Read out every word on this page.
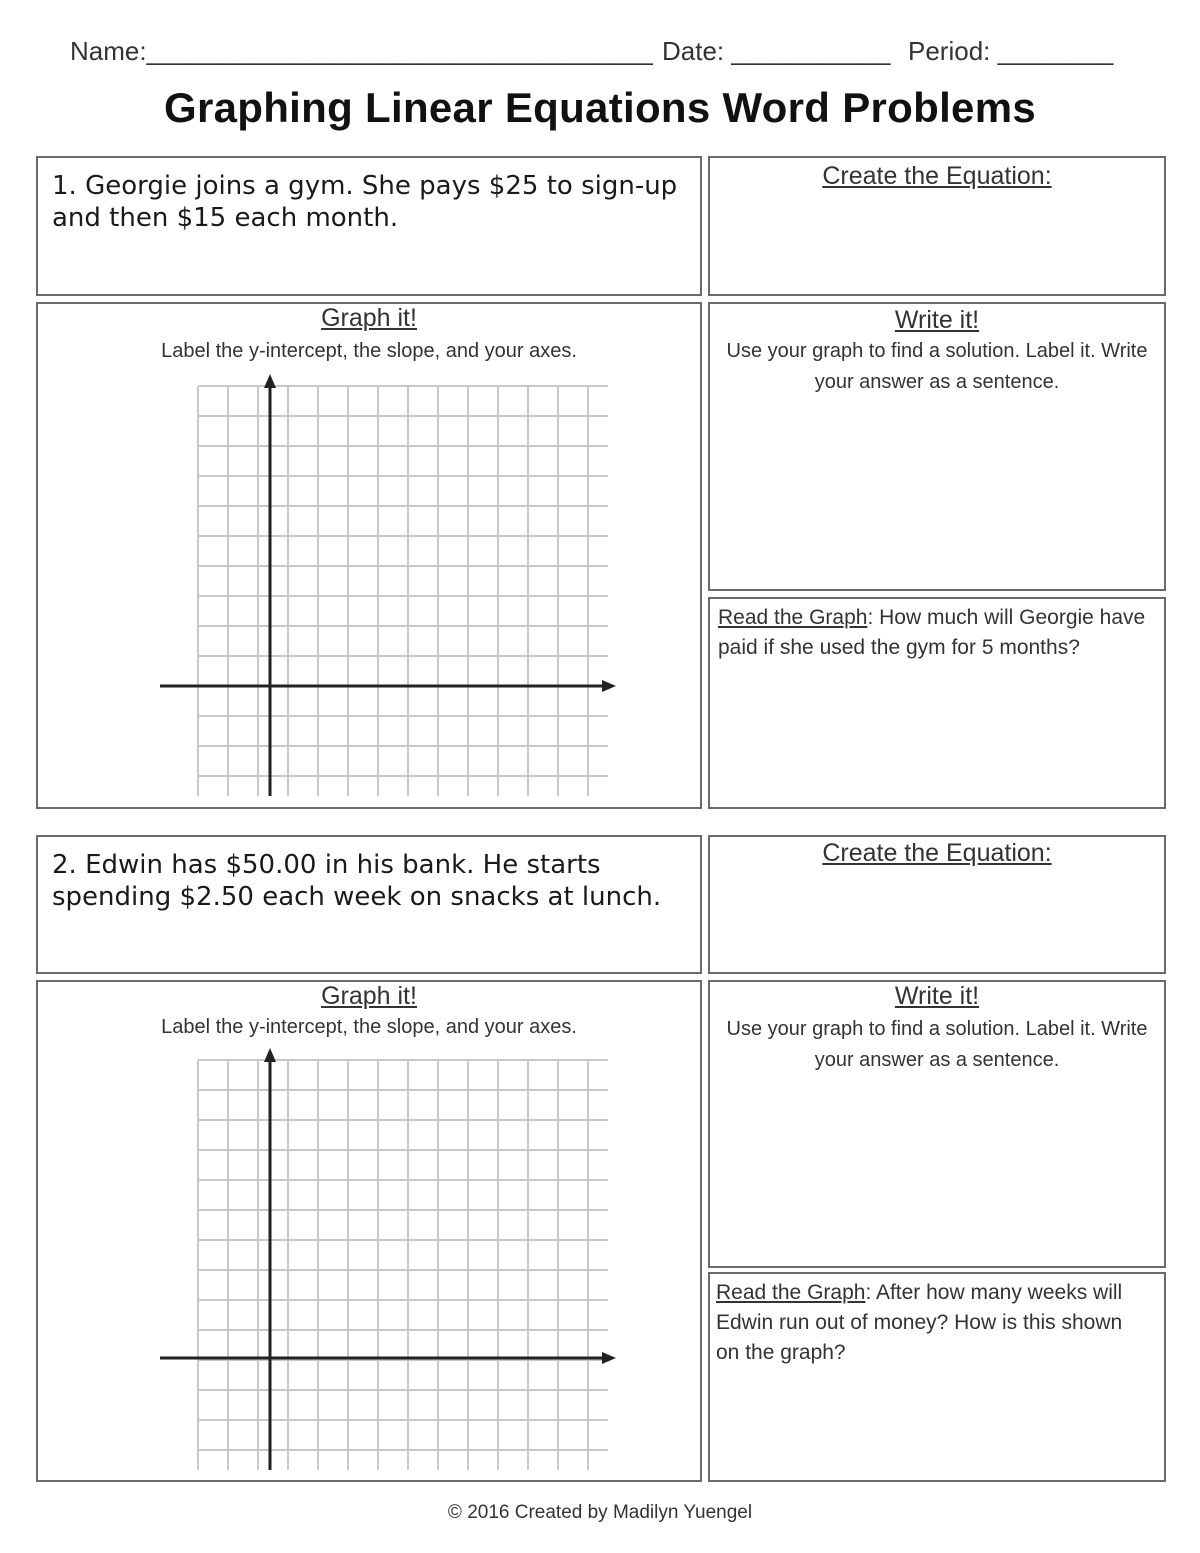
Name:___________________________________ Date: ___________ Period: ________
Graphing Linear Equations Word Problems
1. Georgie joins a gym. She pays $25 to sign-up and then $15 each month.
Create the Equation:
Graph it!
Label the y-intercept, the slope, and your axes.
Write it!
Use your graph to find a solution. Label it. Write your answer as a sentence.
Read the Graph: How much will Georgie have paid if she used the gym for 5 months?
2. Edwin has $50.00 in his bank. He starts spending $2.50 each week on snacks at lunch.
Create the Equation:
Graph it!
Label the y-intercept, the slope, and your axes.
Write it!
Use your graph to find a solution. Label it. Write your answer as a sentence.
Read the Graph: After how many weeks will Edwin run out of money? How is this shown on the graph?
© 2016 Created by Madilyn Yuengel
